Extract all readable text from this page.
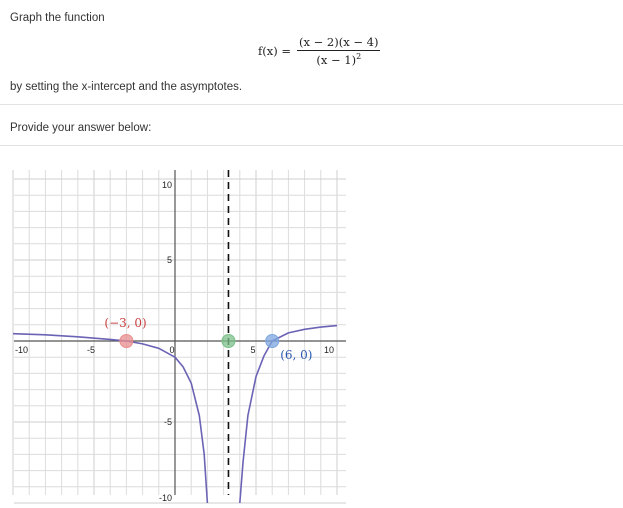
Graph the function
$f(x) = \frac{(x - 2)(x - 4)}{(x - 1)^2}$
by setting the x-intercept and the asymptotes.
Provide your answer below:
-10	-5	0	5	10
10
5
-5
-10
(−3, 0)
(6, 0)
